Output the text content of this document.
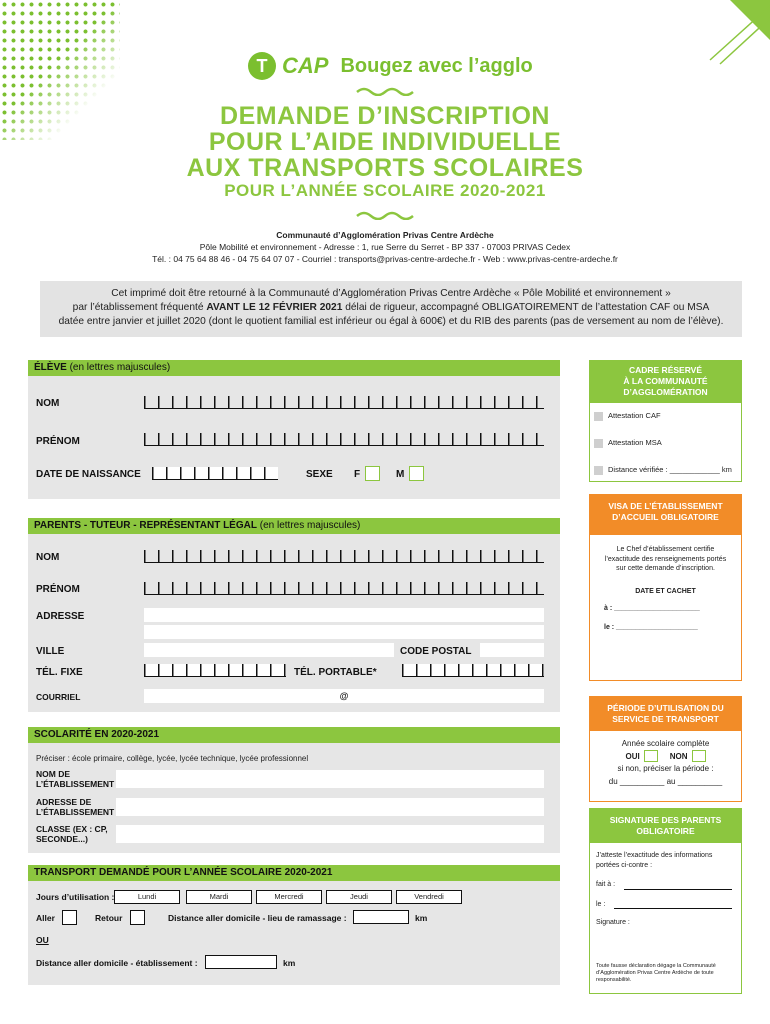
T CAP Bougez avec l’agglo
DEMANDE D’INSCRIPTION
POUR L’AIDE INDIVIDUELLE
AUX TRANSPORTS SCOLAIRES
POUR L’ANNÉE SCOLAIRE 2020-2021
Communauté d’Agglomération Privas Centre Ardèche
Pôle Mobilité et environnement - Adresse : 1, rue Serre du Serret - BP 337 - 07003 PRIVAS Cedex
Tél. : 04 75 64 88 46 - 04 75 64 07 07 - Courriel : transports@privas-centre-ardeche.fr - Web : www.privas-centre-ardeche.fr
Cet imprimé doit être retourné à la Communauté d’Agglomération Privas Centre Ardèche « Pôle Mobilité et environnement »
par l’établissement fréquenté AVANT LE 12 FÉVRIER 2021 délai de rigueur, accompagné OBLIGATOIREMENT de l’attestation CAF ou MSA
datée entre janvier et juillet 2020 (dont le quotient familial est inférieur ou égal à 600€) et du RIB des parents (pas de versement au nom de l’élève).
ÉLÈVE (en lettres majuscules)
NOM
PRÉNOM
DATE DE NAISSANCE	SEXE F	M
PARENTS - TUTEUR - REPRÉSENTANT LÉGAL (en lettres majuscules)
NOM
PRÉNOM
ADRESSE
VILLE	CODE POSTAL
TÉL. FIXE	TÉL. PORTABLE*
COURRIEL	@
SCOLARITÉ EN 2020-2021
Préciser : école primaire, collège, lycée, lycée technique, lycée professionnel
NOM DE
L’ÉTABLISSEMENT
ADRESSE DE
L’ÉTABLISSEMENT
CLASSE (EX : CP,
SECONDE...)
TRANSPORT DEMANDÉ POUR L’ANNÉE SCOLAIRE 2020-2021
Jours d’utilisation :	Lundi	Mardi	Mercredi	Jeudi	Vendredi
Aller	Retour	Distance aller domicile - lieu de ramassage :	km
OU
Distance aller domicile - établissement :	km
CADRE RÉSERVÉ
À LA COMMUNAUTÉ
D’AGGLOMÉRATION
Attestation CAF
Attestation MSA
Distance vérifiée : ____________ km
VISA DE L’ÉTABLISSEMENT
D’ACCUEIL OBLIGATOIRE
Le Chef d’établissement certifie
l’exactitude des renseignements portés
sur cette demande d’inscription.
DATE ET CACHET
à : ______________________
le : _____________________
PÉRIODE D’UTILISATION DU
SERVICE DE TRANSPORT
Année scolaire complète
OUI	NON
si non, préciser la période :
du __________ au __________
SIGNATURE DES PARENTS
OBLIGATOIRE
J’atteste l’exactitude des informations
portées ci-contre :
fait à :
le :
Signature :
Toute fausse déclaration dégage la Communauté
d’Agglomération Privas Centre Ardèche de toute
responsabilité.
